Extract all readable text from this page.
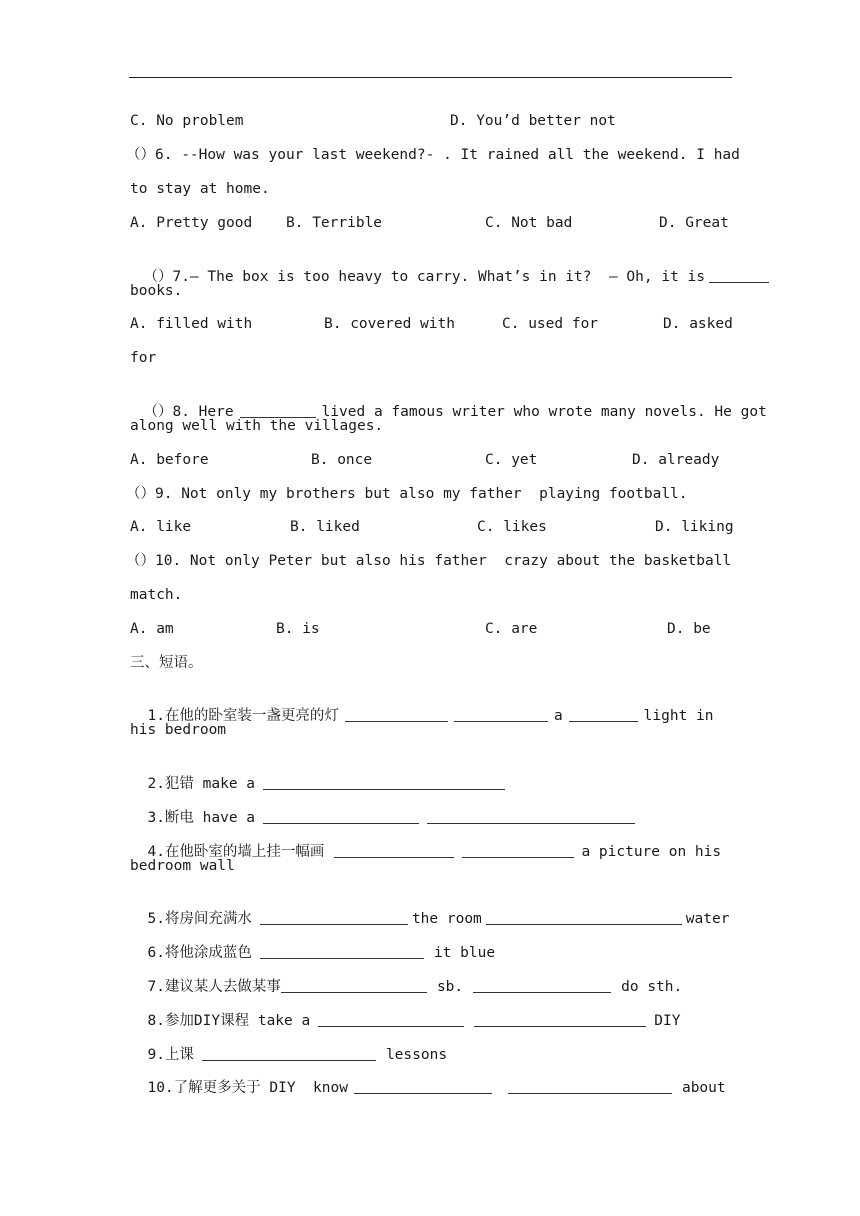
C. No problem	D. You’d better not
（）6. --How was your last weekend?- . It rained all the weekend. I had
to stay at home.
A. Pretty good B. Terrible	C. Not bad	D. Great

（）7.— The box is too heavy to carry. What’s in it?  — Oh, it is

books.
A. filled with	B. covered with	C. used for	D. asked
for

（）8. Here	lived a famous writer who wrote many novels. He got

along well with the villages.
A. before	B. once	C. yet	D. already
（）9. Not only my brothers but also my father  playing football.
A. like	B. liked	C. likes	D. liking
（）10. Not only Peter but also his father  crazy about the basketball
match.
A. am	B. is	C. are	D. be
三、短语。

1.在他的卧室装一盏更亮的灯	a	light in

his bedroom

2.犯错 make a

3.断电 have a

4.在他卧室的墙上挂一幅画	a picture on his

bedroom wall

5.将房间充满水	the room	water

6.将他涂成蓝色	it blue

7.建议某人去做某事	sb.	do sth.

8.参加DIY课程 take a	DIY

9.上课	lessons

10.了解更多关于 DIY  know	about
